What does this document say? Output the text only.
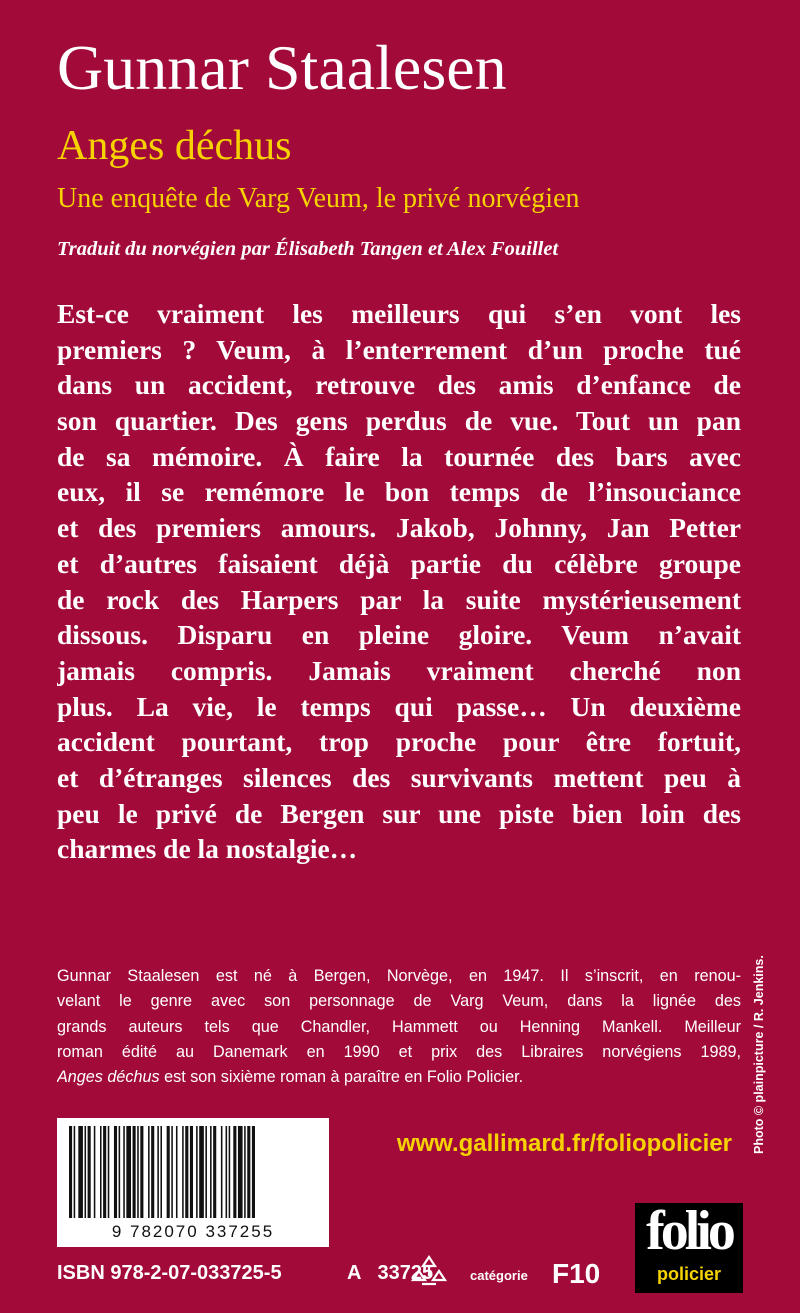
Gunnar Staalesen
Anges déchus
Une enquête de Varg Veum, le privé norvégien
Traduit du norvégien par Élisabeth Tangen et Alex Fouillet
Est-ce vraiment les meilleurs qui s’en vont les
premiers ? Veum, à l’enterrement d’un proche tué
dans un accident, retrouve des amis d’enfance de
son quartier. Des gens perdus de vue. Tout un pan
de sa mémoire. À faire la tournée des bars avec
eux, il se remémore le bon temps de l’insouciance
et des premiers amours. Jakob, Johnny, Jan Petter
et d’autres faisaient déjà partie du célèbre groupe
de rock des Harpers par la suite mystérieusement
dissous. Disparu en pleine gloire. Veum n’avait
jamais compris. Jamais vraiment cherché non
plus. La vie, le temps qui passe… Un deuxième
accident pourtant, trop proche pour être fortuit,
et d’étranges silences des survivants mettent peu à
peu le privé de Bergen sur une piste bien loin des
charmes de la nostalgie…
Gunnar Staalesen est né à Bergen, Norvège, en 1947. Il s’inscrit, en renou-
velant le genre avec son personnage de Varg Veum, dans la lignée des
grands auteurs tels que Chandler, Hammett ou Henning Mankell. Meilleur
roman édité au Danemark en 1990 et prix des Libraires norvégiens 1989,
Anges déchus est son sixième roman à paraître en Folio Policier.	Photo © plainpicture / R. Jenkins.
www.gallimard.fr/foliopolicier
9 782070 337255
ISBN 978-2-07-033725-5	A 33725	catégorie F10
folio
policier
